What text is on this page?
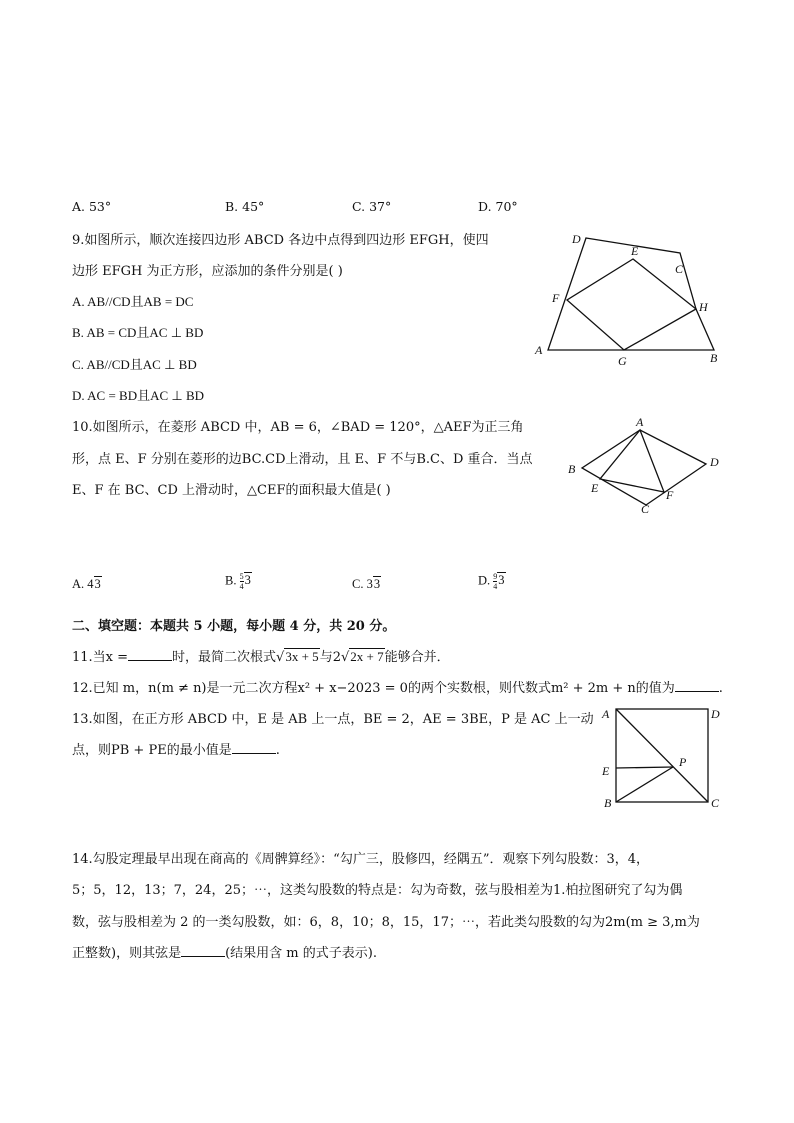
A. 53°	B. 45°	C. 37°	D. 70°
9.如图所示，顺次连接四边形 ABCD 各边中点得到四边形 EFGH，使四
边形 EFGH 为正方形，应添加的条件分别是( )
A. AB//CD且AB = DC
B. AB = CD且AC ⊥ BD
C. AB//CD且AC ⊥ BD
D. AC = BD且AC ⊥ BD
D
E
C
F
H
A
G	B
10.如图所示，在菱形 ABCD 中，AB = 6，∠BAD = 120°，△AEF为正三角
形，点 E、F 分别在菱形的边BC.CD上滑动，且 E、F 不与B.C、D 重合．当点
E、F 在 BC、CD 上滑动时，△CEF的面积最大值是( )
A
B	D
E	F
C
A. 43	B. $\frac{5}{4} 3$	C. 33	D. $\frac{9}{4} 3$
二、填空题：本题共 5 小题，每小题 4 分，共 20 分。
11.当x =	时，最简二次根式√3x + 5与2√2x + 7能够合并．
12.已知 m，n(m ≠ n)是一元二次方程x² + x−2023 = 0的两个实数根，则代数式m² + 2m + n的值为	.
13.如图，在正方形 ABCD 中，E 是 AB 上一点，BE = 2，AE = 3BE，P 是 AC 上一动
点，则PB + PE的最小值是	.
A	D
P
E
B	C
14.勾股定理最早出现在商高的《周髀算经》：“勾广三，股修四，经隅五”．观察下列勾股数：3，4，
5；5，12，13；7，24，25；⋯，这类勾股数的特点是：勾为奇数，弦与股相差为1.柏拉图研究了勾为偶
数，弦与股相差为 2 的一类勾股数，如：6，8，10；8，15，17；⋯，若此类勾股数的勾为2m(m ≥ 3,m为
正整数)，则其弦是	(结果用含 m 的式子表示).
